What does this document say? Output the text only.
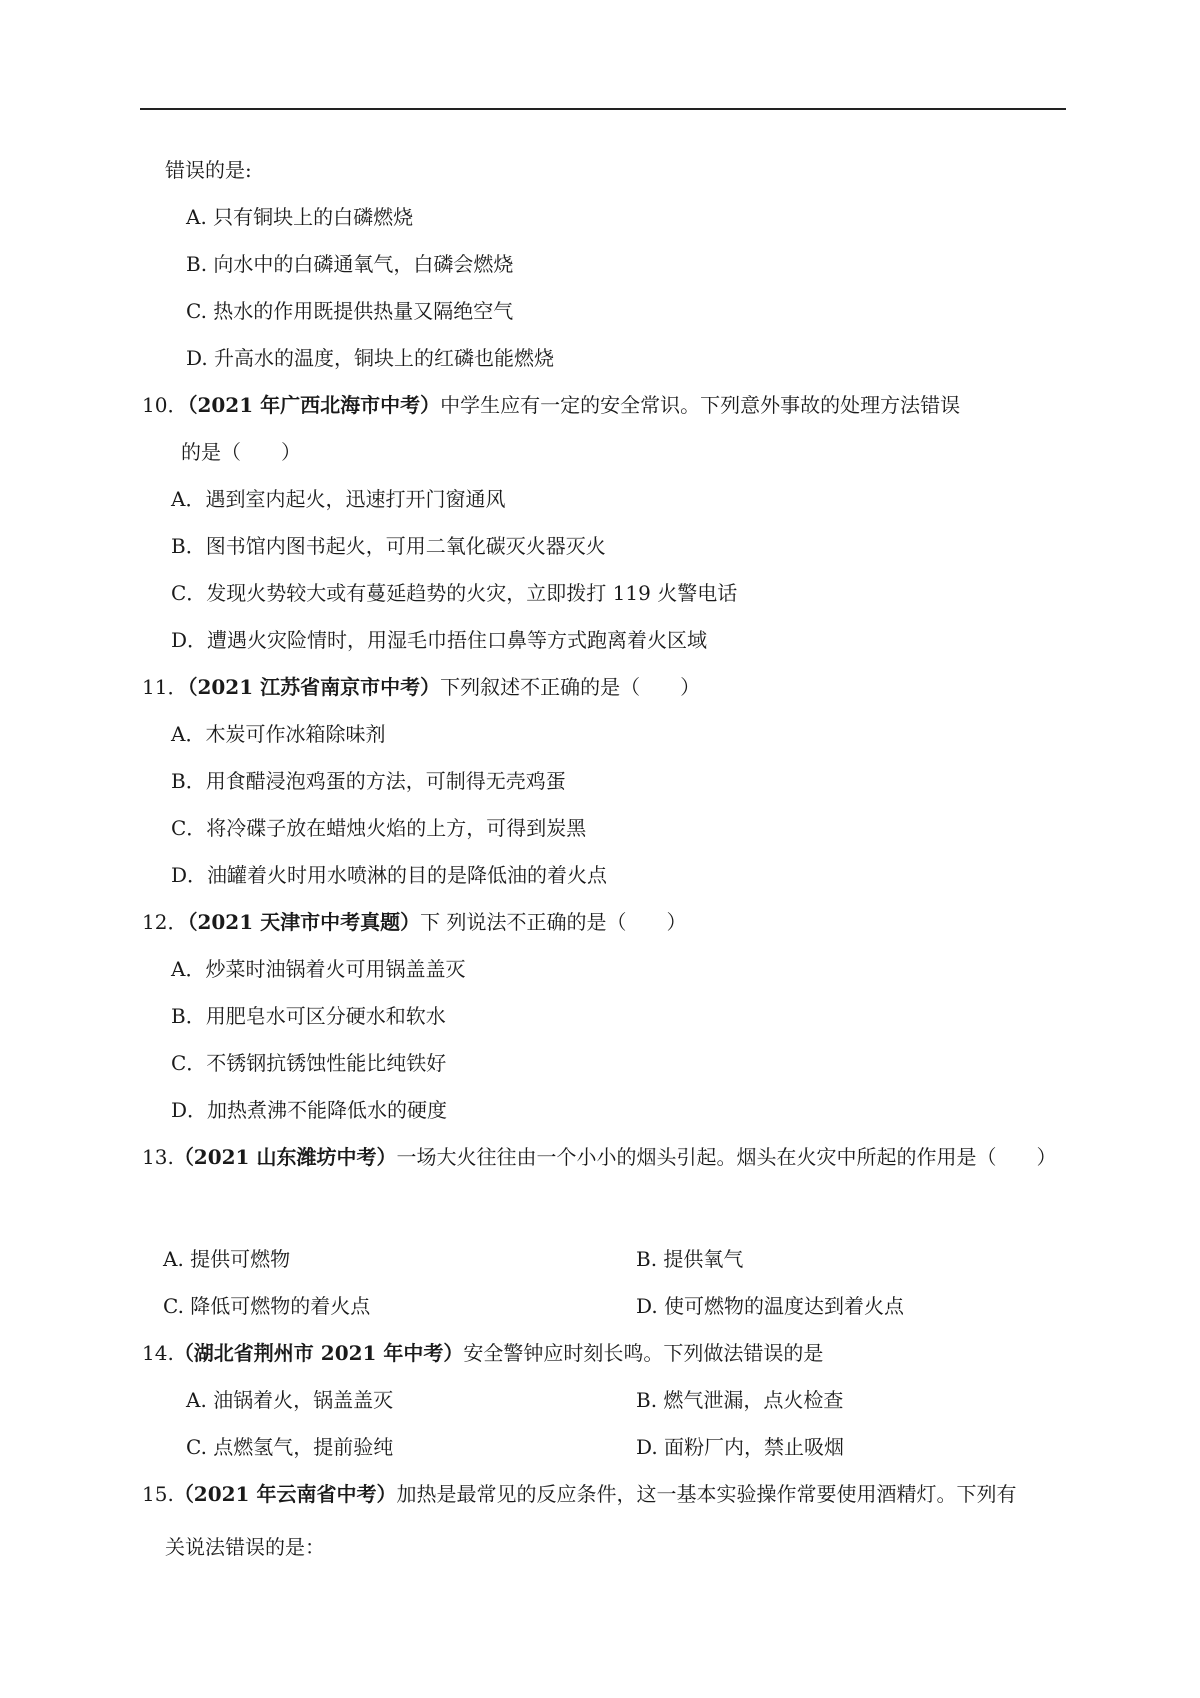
错误的是:
A. 只有铜块上的白磷燃烧
B. 向水中的白磷通氧气，白磷会燃烧
C. 热水的作用既提供热量又隔绝空气
D. 升高水的温度，铜块上的红磷也能燃烧
10．（2021 年广西北海市中考）中学生应有一定的安全常识。下列意外事故的处理方法错误
的是（　　）
A．遇到室内起火，迅速打开门窗通风
B．图书馆内图书起火，可用二氧化碳灭火器灭火
C．发现火势较大或有蔓延趋势的火灾，立即拨打 119 火警电话
D．遭遇火灾险情时，用湿毛巾捂住口鼻等方式跑离着火区域
11．（2021 江苏省南京市中考）下列叙述不正确的是（　　）
A．木炭可作冰箱除味剂
B．用食醋浸泡鸡蛋的方法，可制得无壳鸡蛋
C．将冷碟子放在蜡烛火焰的上方，可得到炭黑
D．油罐着火时用水喷淋的目的是降低油的着火点
12．（2021 天津市中考真题）下 列说法不正确的是（　　）
A．炒菜时油锅着火可用锅盖盖灭
B．用肥皂水可区分硬水和软水
C．不锈钢抗锈蚀性能比纯铁好
D．加热煮沸不能降低水的硬度
13.（2021 山东潍坊中考）一场大火往往由一个小小的烟头引起。烟头在火灾中所起的作用是（　　）
A. 提供可燃物	B. 提供氧气
C. 降低可燃物的着火点	D. 使可燃物的温度达到着火点
14.（湖北省荆州市 2021 年中考）安全警钟应时刻长鸣。下列做法错误的是
A. 油锅着火，锅盖盖灭	B. 燃气泄漏，点火检查
C. 点燃氢气，提前验纯	D. 面粉厂内，禁止吸烟
15.（2021 年云南省中考）加热是最常见的反应条件，这一基本实验操作常要使用酒精灯。下列有
关说法错误的是：
